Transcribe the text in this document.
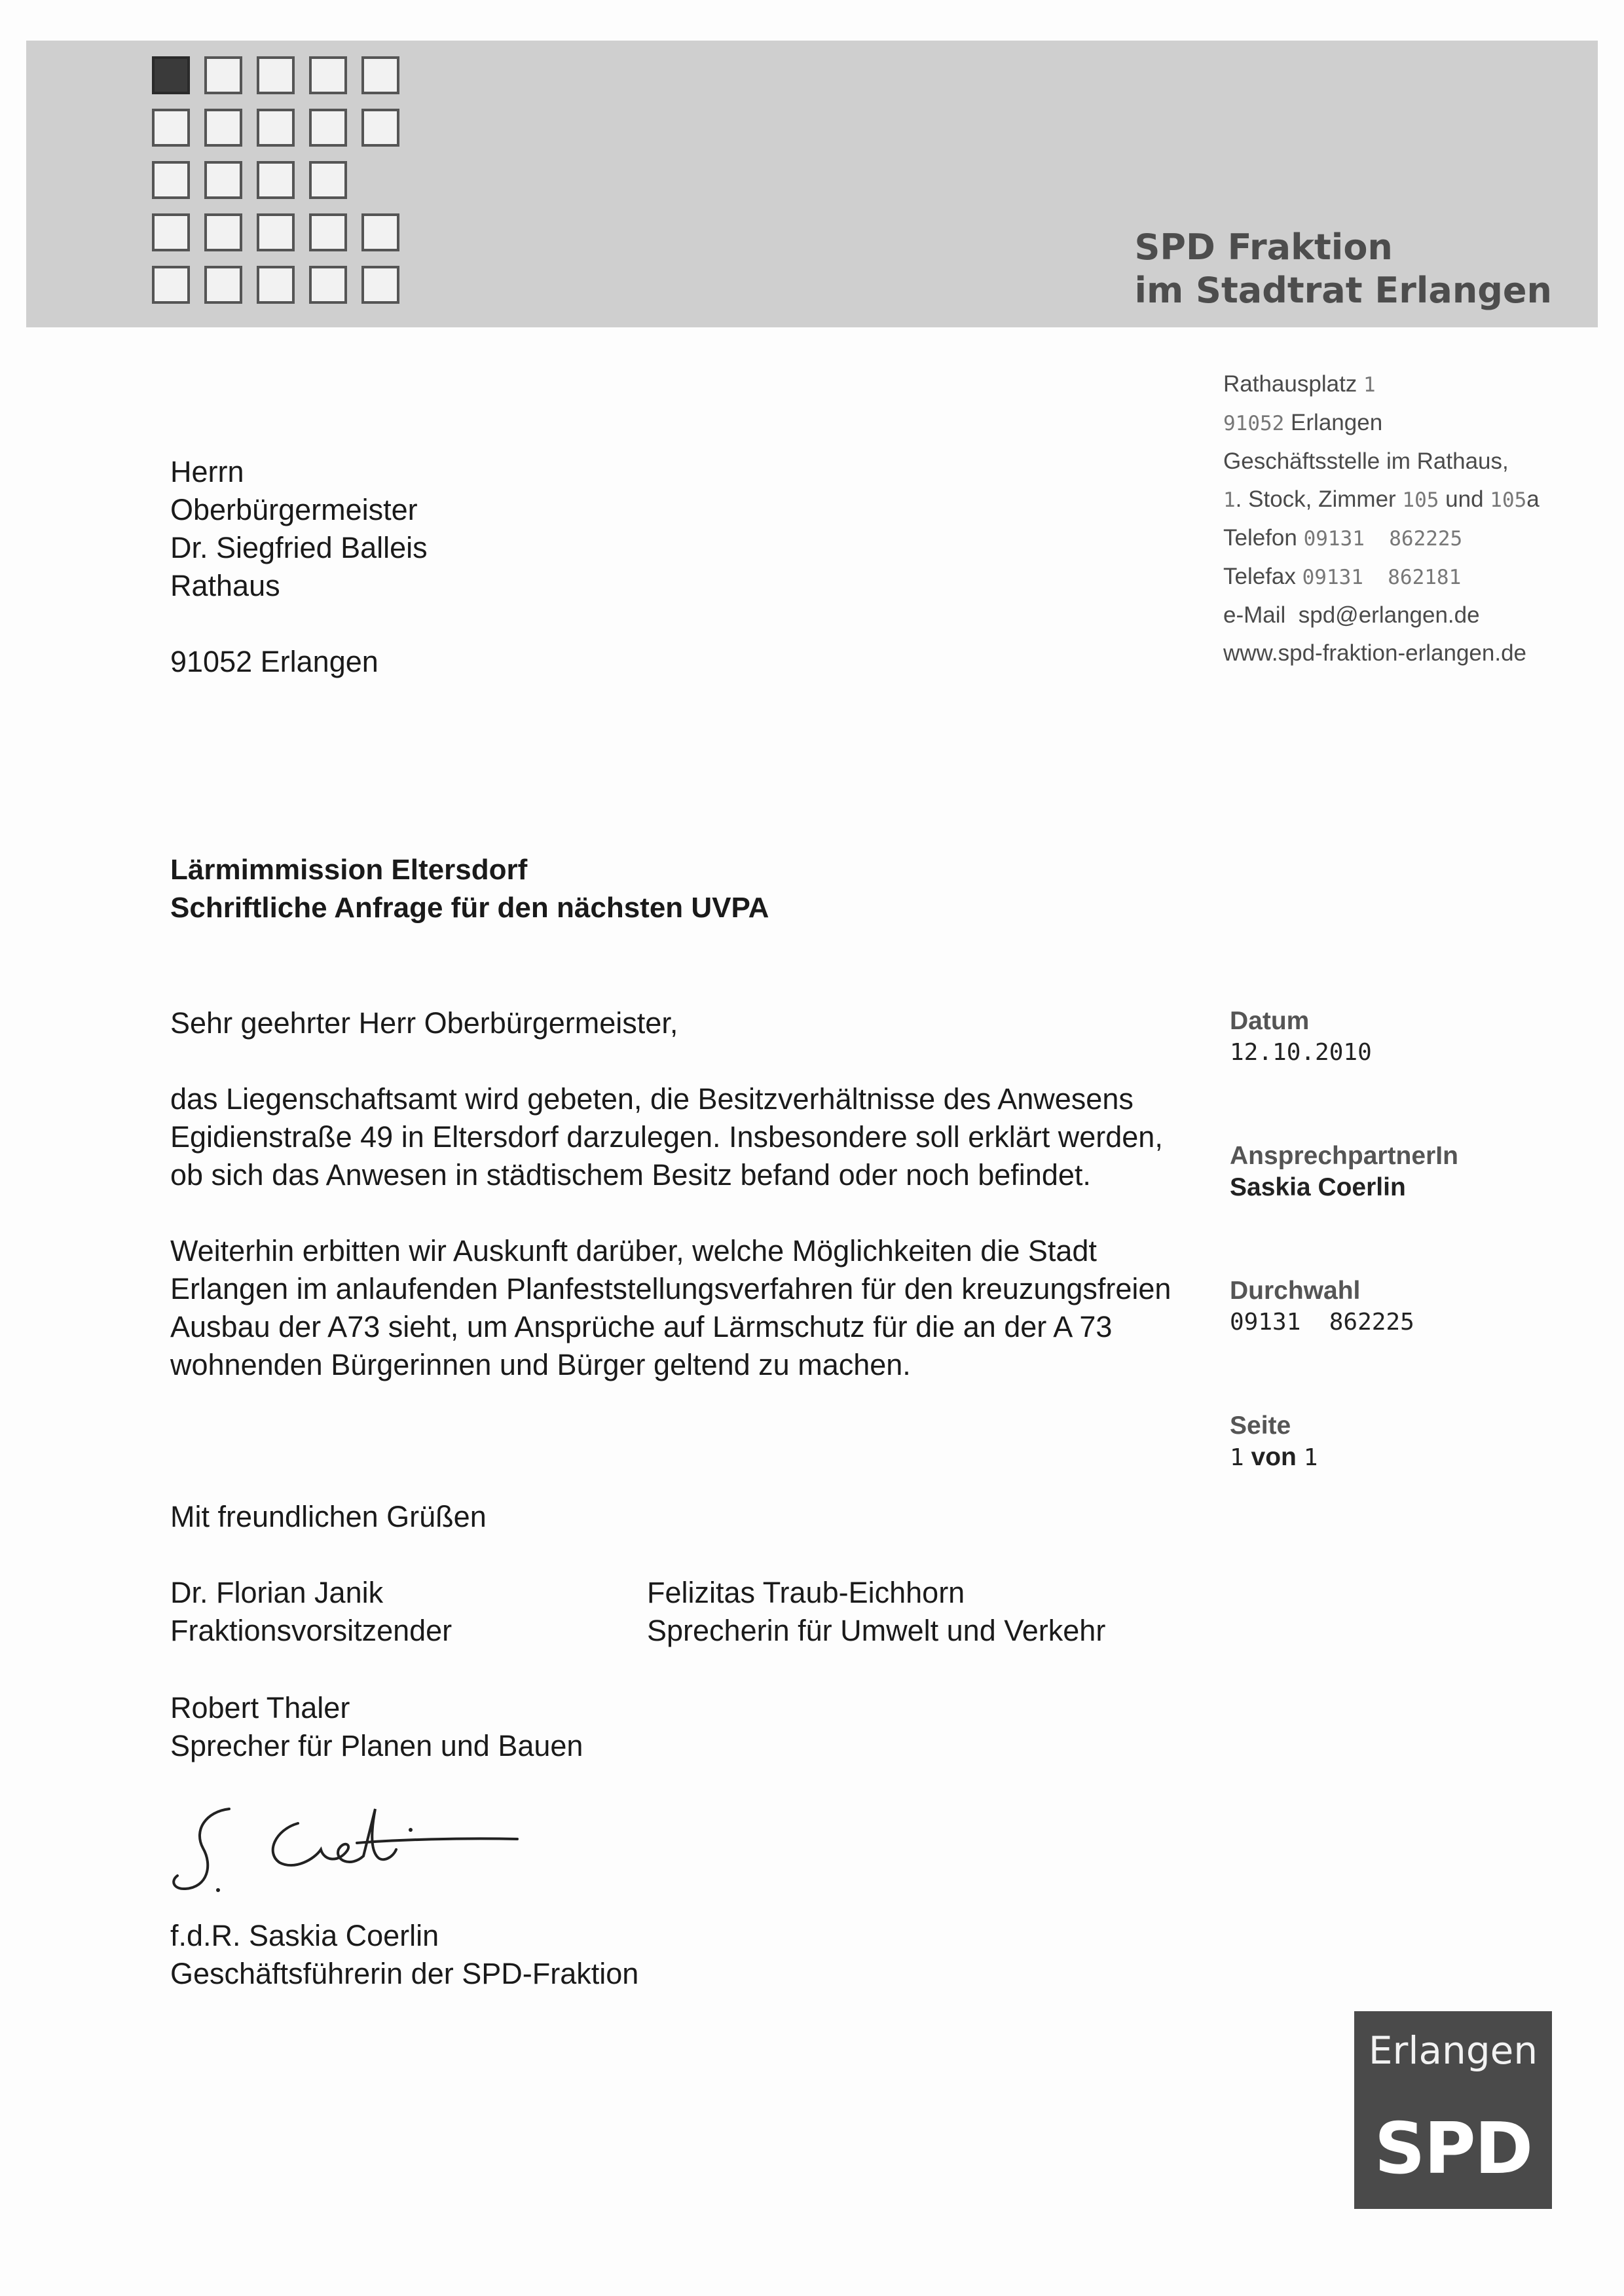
SPD Fraktion
im Stadtrat Erlangen
Rathausplatz 1
91052 Erlangen
Geschäftsstelle im Rathaus,
1. Stock, Zimmer 105 und 105a
Telefon 09131  862225
Telefax 09131  862181
e-Mail  spd@erlangen.de
www.spd-fraktion-erlangen.de
Herrn
Oberbürgermeister
Dr. Siegfried Balleis
Rathaus
91052 Erlangen
Lärmimmission Eltersdorf
Schriftliche Anfrage für den nächsten UVPA

Sehr geehrter Herr Oberbürgermeister,

das Liegenschaftsamt wird gebeten, die Besitzverhältnisse des Anwesens Egidienstraße 49 in Eltersdorf darzulegen. Insbesondere soll erklärt werden, ob sich das Anwesen in städtischem Besitz befand oder noch befindet.

Weiterhin erbitten wir Auskunft darüber, welche Möglichkeiten die Stadt Erlangen im anlaufenden Planfeststellungsverfahren für den kreuzungsfreien Ausbau der A73 sieht, um Ansprüche auf Lärmschutz für die an der A 73 wohnenden Bürgerinnen und Bürger geltend zu machen.

Datum
12.10.2010
AnsprechpartnerIn
Saskia Coerlin
Durchwahl
09131  862225
Seite
1 von 1
Mit freundlichen Grüßen
Dr. Florian Janik
Fraktionsvorsitzender
Felizitas Traub-Eichhorn
Sprecherin für Umwelt und Verkehr
Robert Thaler
Sprecher für Planen und Bauen
f.d.R. Saskia Coerlin
Geschäftsführerin der SPD-Fraktion
Erlangen
SPD
